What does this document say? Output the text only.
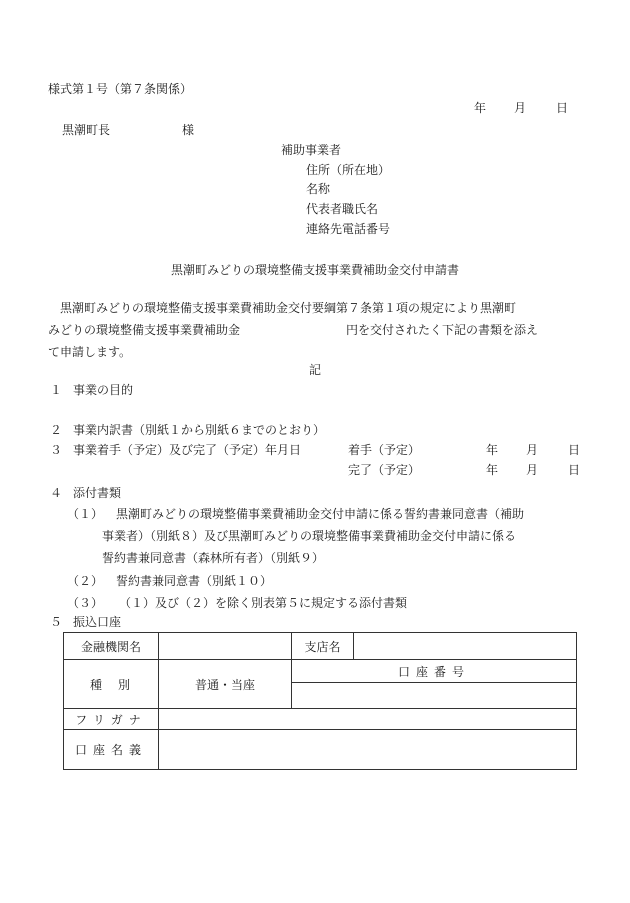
様式第１号（第７条関係）
年 月 日
黒潮町長	様
補助事業者
住所（所在地）
名称
代表者職氏名
連絡先電話番号
黒潮町みどりの環境整備支援事業費補助金交付申請書

黒潮町みどりの環境整備支援事業費補助金交付要綱第７条第１項の規定により黒潮町

みどりの環境整備支援事業費補助金	円を交付されたく下記の書類を添え

て申請します。

記
１ 事業の目的
２ 事業内訳書（別紙１から別紙６までのとおり）
３ 事業着手（予定）及び完了（予定）年月日	着手（予定）	年 月 日
完了（予定）	年 月 日
４ 添付書類
（１） 黒潮町みどりの環境整備事業費補助金交付申請に係る誓約書兼同意書（補助
事業者）（別紙８）及び黒潮町みどりの環境整備事業費補助金交付申請に係る
誓約書兼同意書（森林所有者）（別紙９）
（２） 誓約書兼同意書（別紙１０）
（３） （１）及び（２）を除く別表第５に規定する添付書類
５ 振込口座
金融機関名		支店名	
種　別	普通・当座	口座番号	

フリガナ			
口座名義			
